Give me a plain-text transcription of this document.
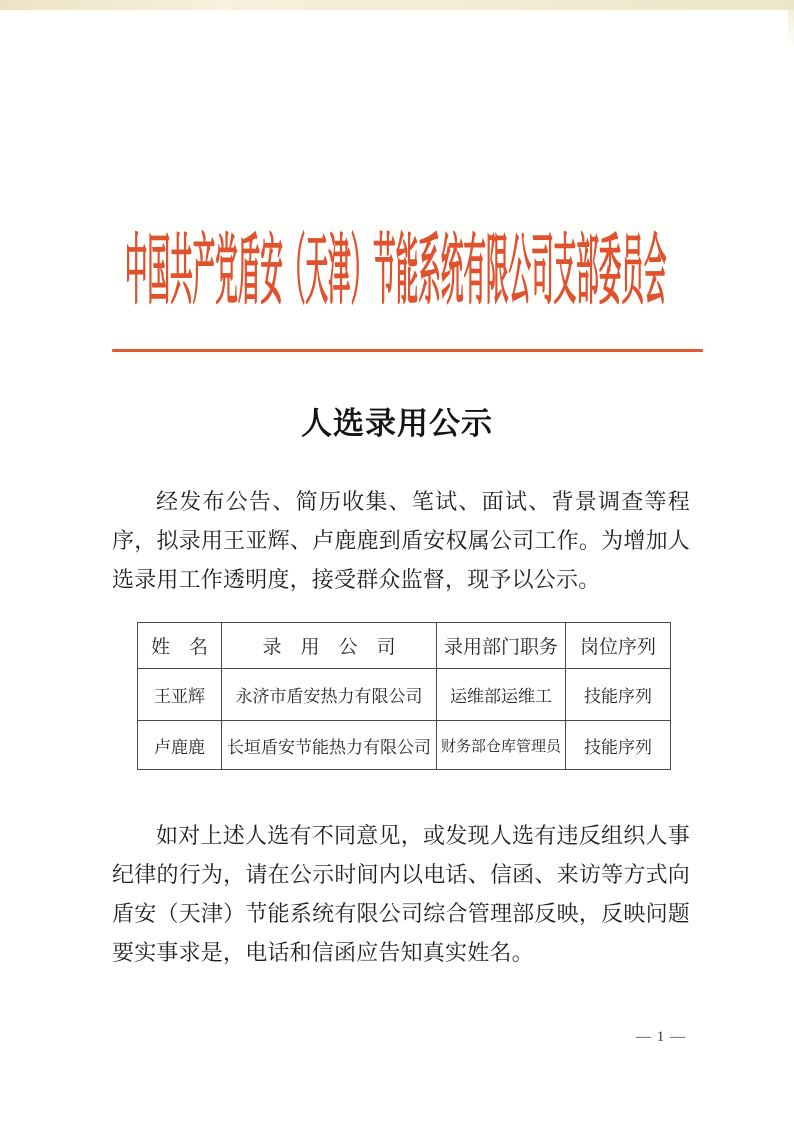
中国共产党盾安（天津）节能系统有限公司支部委员会
人选录用公示

经发布公告、简历收集、笔试、面试、背景调查等程序，拟录用王亚辉、卢鹿鹿到盾安权属公司工作。为增加人选录用工作透明度，接受群众监督，现予以公示。

姓　名	录　用　公　司	录用部门职务	岗位序列
王亚辉	永济市盾安热力有限公司	运维部运维工	技能序列
卢鹿鹿	长垣盾安节能热力有限公司	财务部仓库管理员	技能序列

如对上述人选有不同意见，或发现人选有违反组织人事纪律的行为，请在公示时间内以电话、信函、来访等方式向盾安（天津）节能系统有限公司综合管理部反映，反映问题要实事求是，电话和信函应告知真实姓名。

— 1 —
